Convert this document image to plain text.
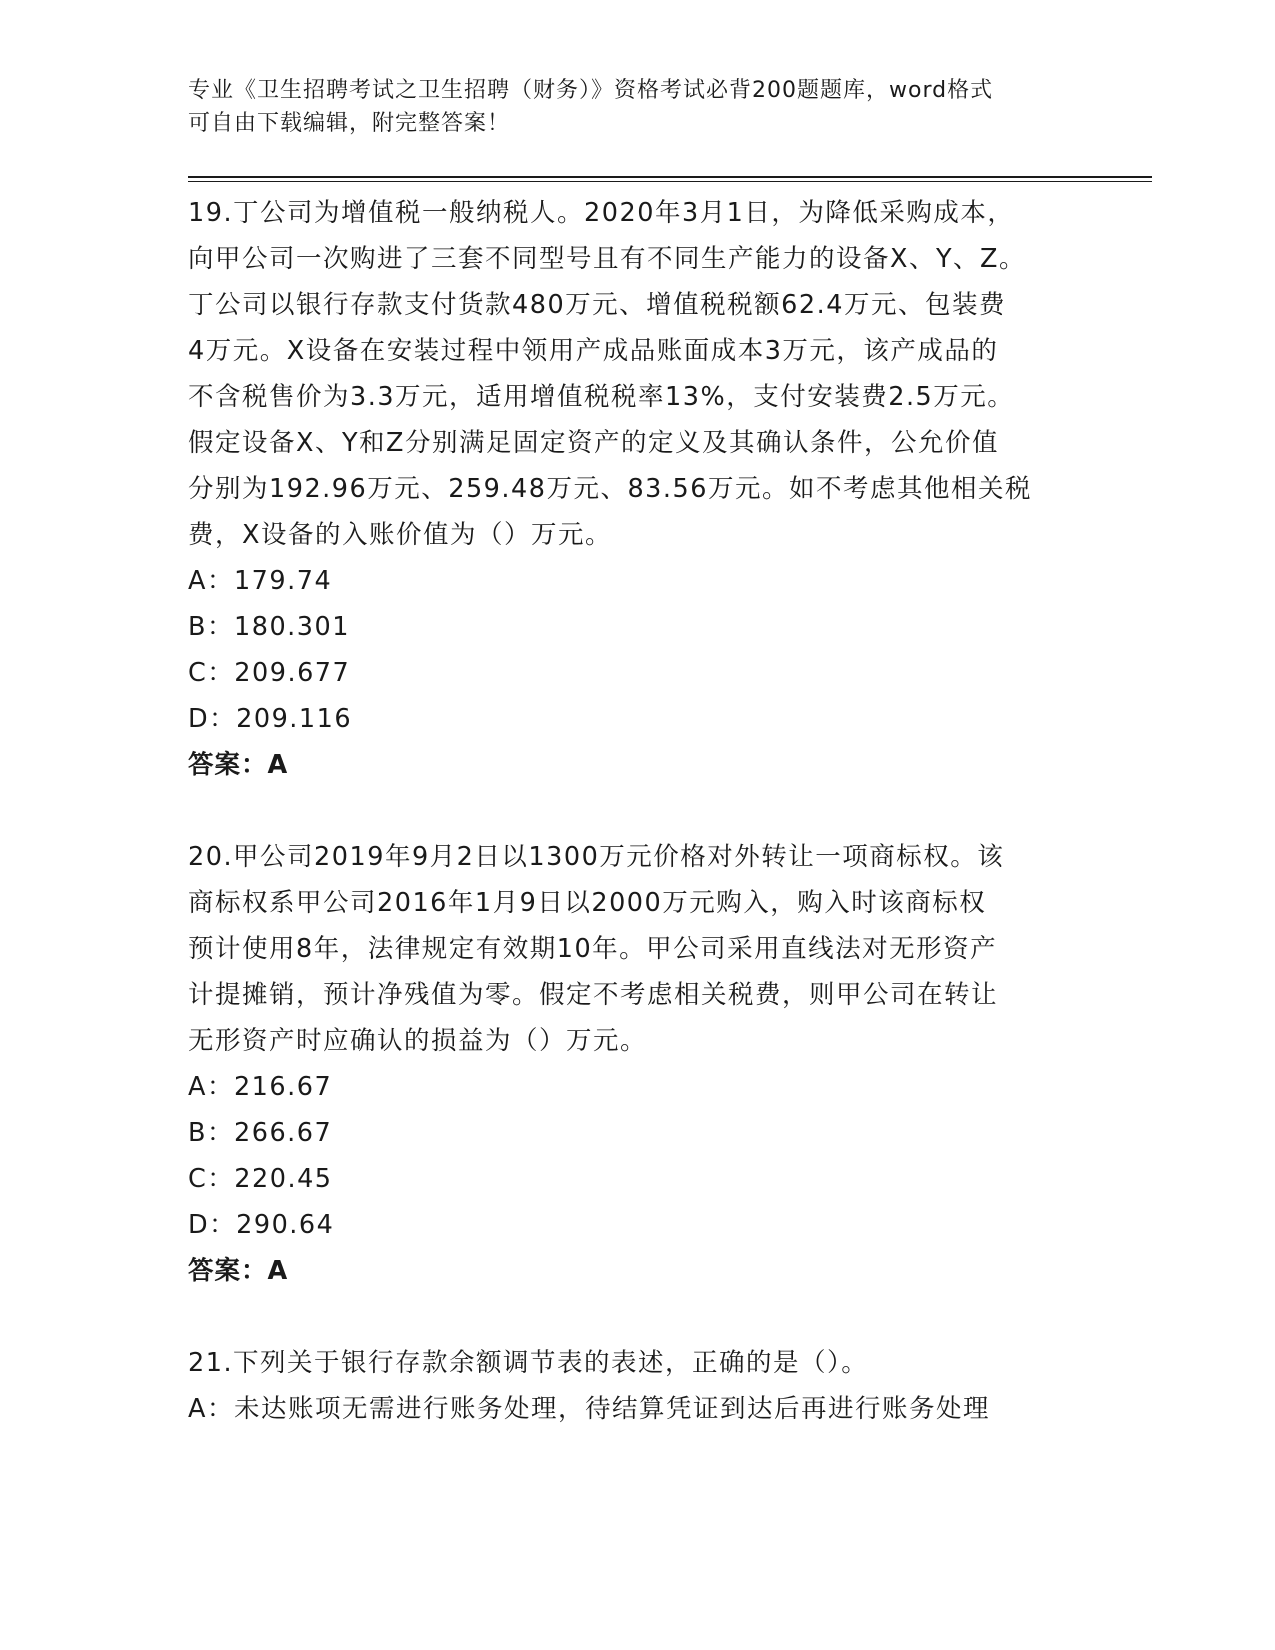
专业《卫生招聘考试之卫生招聘（财务）》资格考试必背200题题库，word格式
可自由下载编辑，附完整答案！
19.丁公司为增值税一般纳税人。2020年3月1日，为降低采购成本，
向甲公司一次购进了三套不同型号且有不同生产能力的设备X、Y、Z。
丁公司以银行存款支付货款480万元、增值税税额62.4万元、包装费
4万元。X设备在安装过程中领用产成品账面成本3万元，该产成品的
不含税售价为3.3万元，适用增值税税率13%，支付安装费2.5万元。
假定设备X、Y和Z分别满足固定资产的定义及其确认条件，公允价值
分别为192.96万元、259.48万元、83.56万元。如不考虑其他相关税
费，X设备的入账价值为（）万元。
A：179.74
B：180.301
C：209.677
D：209.116
答案：A
20.甲公司2019年9月2日以1300万元价格对外转让一项商标权。该
商标权系甲公司2016年1月9日以2000万元购入，购入时该商标权
预计使用8年，法律规定有效期10年。甲公司采用直线法对无形资产
计提摊销，预计净残值为零。假定不考虑相关税费，则甲公司在转让
无形资产时应确认的损益为（）万元。
A：216.67
B：266.67
C：220.45
D：290.64
答案：A
21.下列关于银行存款余额调节表的表述，正确的是（）。
A：未达账项无需进行账务处理，待结算凭证到达后再进行账务处理
